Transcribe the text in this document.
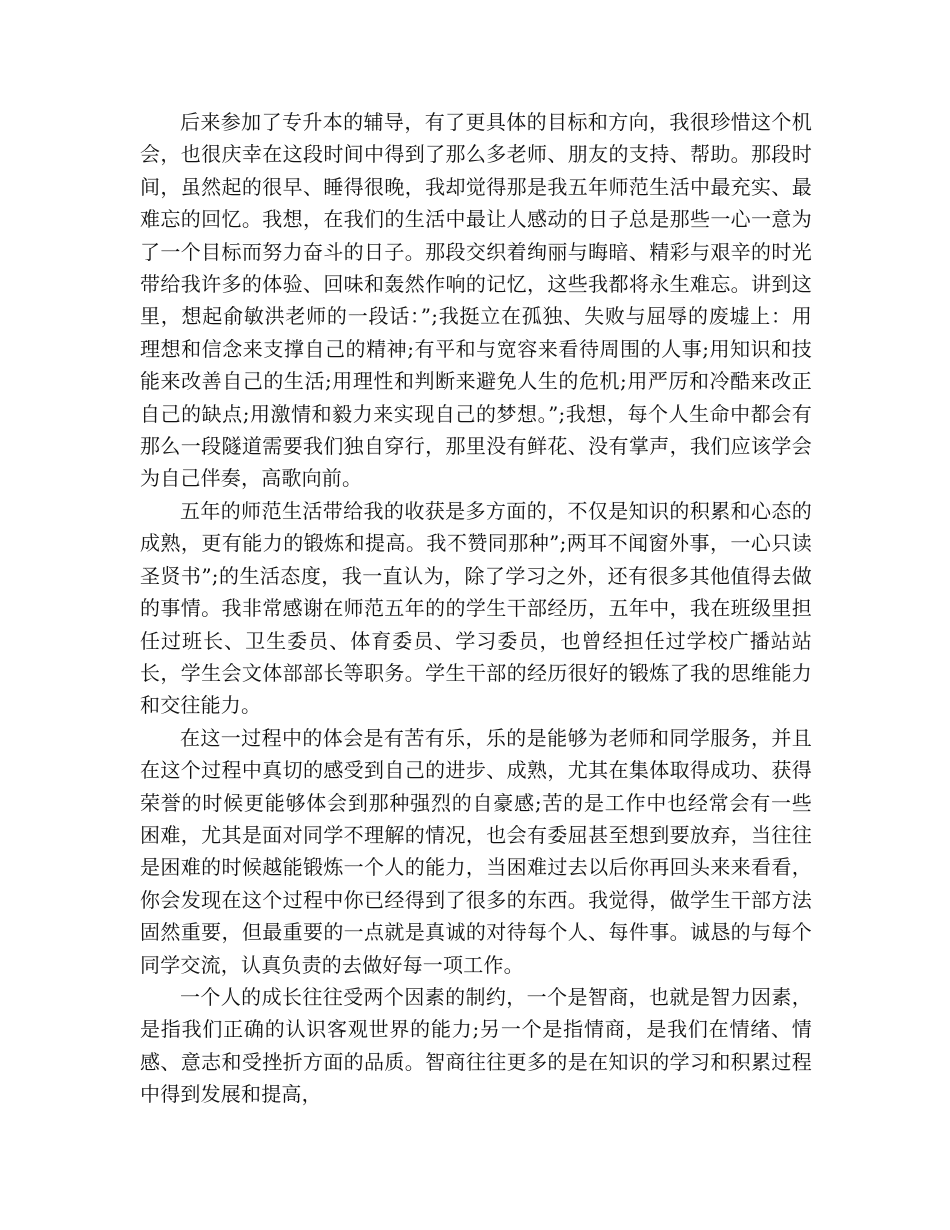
后来参加了专升本的辅导，有了更具体的目标和方向，我很珍惜这个机会，也很庆幸在这段时间中得到了那么多老师、朋友的支持、帮助。那段时间，虽然起的很早、睡得很晚，我却觉得那是我五年师范生活中最充实、最难忘的回忆。我想，在我们的生活中最让人感动的日子总是那些一心一意为了一个目标而努力奋斗的日子。那段交织着绚丽与晦暗、精彩与艰辛的时光带给我许多的体验、回味和轰然作响的记忆，这些我都将永生难忘。讲到这里，想起俞敏洪老师的一段话：”;我挺立在孤独、失败与屈辱的废墟上：用理想和信念来支撑自己的精神;有平和与宽容来看待周围的人事;用知识和技能来改善自己的生活;用理性和判断来避免人生的危机;用严厉和冷酷来改正自己的缺点;用激情和毅力来实现自己的梦想。”;我想，每个人生命中都会有那么一段隧道需要我们独自穿行，那里没有鲜花、没有掌声，我们应该学会为自己伴奏，高歌向前。

五年的师范生活带给我的收获是多方面的，不仅是知识的积累和心态的成熟，更有能力的锻炼和提高。我不赞同那种”;两耳不闻窗外事，一心只读圣贤书”;的生活态度，我一直认为，除了学习之外，还有很多其他值得去做的事情。我非常感谢在师范五年的的学生干部经历，五年中，我在班级里担任过班长、卫生委员、体育委员、学习委员，也曾经担任过学校广播站站长，学生会文体部部长等职务。学生干部的经历很好的锻炼了我的思维能力和交往能力。

在这一过程中的体会是有苦有乐，乐的是能够为老师和同学服务，并且在这个过程中真切的感受到自己的进步、成熟，尤其在集体取得成功、获得荣誉的时候更能够体会到那种强烈的自豪感;苦的是工作中也经常会有一些困难，尤其是面对同学不理解的情况，也会有委屈甚至想到要放弃，当往往是困难的时候越能锻炼一个人的能力，当困难过去以后你再回头来来看看，你会发现在这个过程中你已经得到了很多的东西。我觉得，做学生干部方法固然重要，但最重要的一点就是真诚的对待每个人、每件事。诚恳的与每个同学交流，认真负责的去做好每一项工作。

一个人的成长往往受两个因素的制约，一个是智商，也就是智力因素，是指我们正确的认识客观世界的能力;另一个是指情商，是我们在情绪、情感、意志和受挫折方面的品质。智商往往更多的是在知识的学习和积累过程中得到发展和提高，
